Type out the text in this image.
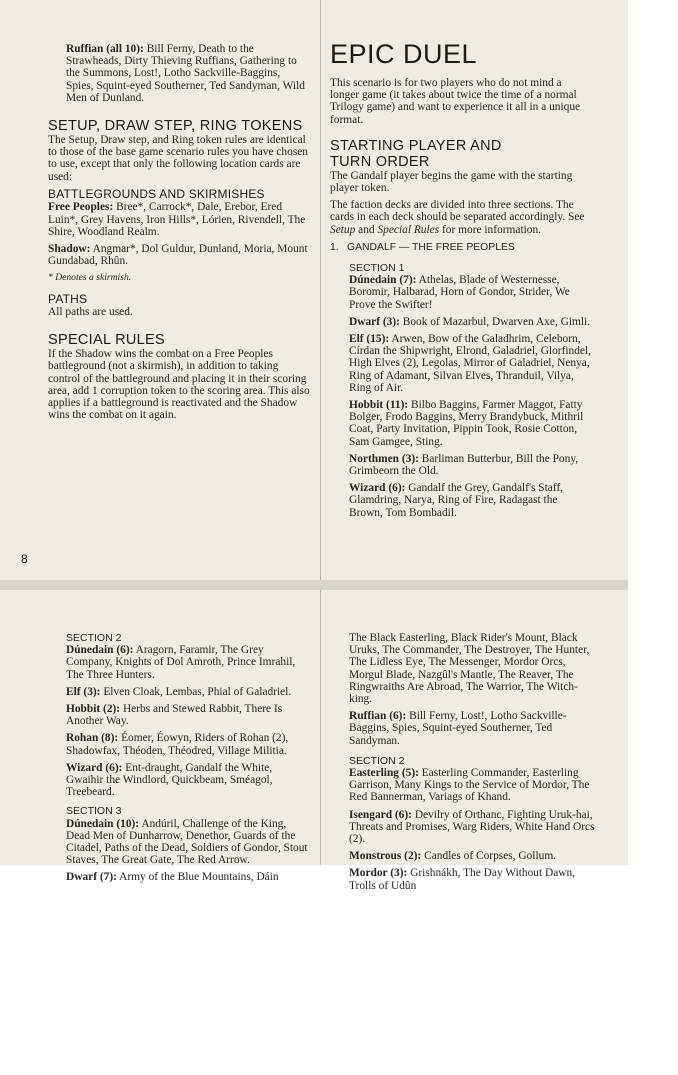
Ruffian (all 10): Bill Ferny, Death to the Strawheads, Dirty Thieving Ruffians, Gathering to the Summons, Lost!, Lotho Sackville-Baggins, Spies, Squint-eyed Southerner, Ted Sandyman, Wild Men of Dunland.

SETUP, DRAW STEP, RING TOKENS

The Setup, Draw step, and Ring token rules are identical to those of the base game scenario rules you have chosen to use, except that only the following location cards are used:

BATTLEGROUNDS AND SKIRMISHES

Free Peoples: Bree*, Carrock*, Dale, Erebor, Ered Luin*, Grey Havens, Iron Hills*, Lórien, Rivendell, The Shire, Woodland Realm.

Shadow: Angmar*, Dol Guldur, Dunland, Moria, Mount Gundabad, Rhûn.

* Denotes a skirmish.

PATHS

All paths are used.

SPECIAL RULES

If the Shadow wins the combat on a Free Peoples battleground (not a skirmish), in addition to taking control of the battleground and placing it in their scoring area, add 1 corruption token to the scoring area. This also applies if a battleground is reactivated and the Shadow wins the combat on it again.

8
EPIC DUEL

This scenario is for two players who do not mind a longer game (it takes about twice the time of a normal Trilogy game) and want to experience it all in a unique format.

STARTING PLAYER AND
TURN ORDER

The Gandalf player begins the game with the starting player token.

The faction decks are divided into three sections. The cards in each deck should be separated accordingly. See Setup and Special Rules for more information.

1. GANDALF — THE FREE PEOPLES
SECTION 1

Dúnedain (7): Athelas, Blade of Westernesse, Boromir, Halbarad, Horn of Gondor, Strider, We Prove the Swifter!

Dwarf (3): Book of Mazarbul, Dwarven Axe, Gimli.

Elf (15): Arwen, Bow of the Galadhrim, Celeborn, Círdan the Shipwright, Elrond, Galadriel, Glorfindel, High Elves (2), Legolas, Mirror of Galadriel, Nenya, Ring of Adamant, Silvan Elves, Thranduil, Vilya, Ring of Air.

Hobbit (11): Bilbo Baggins, Farmer Maggot, Fatty Bolger, Frodo Baggins, Merry Brandybuck, Mithril Coat, Party Invitation, Pippin Took, Rosie Cotton, Sam Gamgee, Sting.

Northmen (3): Barliman Butterbur, Bill the Pony, Grimbeorn the Old.

Wizard (6): Gandalf the Grey, Gandalf's Staff, Glamdring, Narya, Ring of Fire, Radagast the Brown, Tom Bombadil.

SECTION 2

Dúnedain (6): Aragorn, Faramir, The Grey Company, Knights of Dol Amroth, Prince Imrahil, The Three Hunters.

Elf (3): Elven Cloak, Lembas, Phial of Galadriel.

Hobbit (2): Herbs and Stewed Rabbit, There Is Another Way.

Rohan (8): Éomer, Éowyn, Riders of Rohan (2), Shadowfax, Théoden, Théodred, Village Militia.

Wizard (6): Ent-draught, Gandalf the White, Gwaihir the Windlord, Quickbeam, Sméagol, Treebeard.

SECTION 3

Dúnedain (10): Andúril, Challenge of the King, Dead Men of Dunharrow, Denethor, Guards of the Citadel, Paths of the Dead, Soldiers of Gondor, Stout Staves, The Great Gate, The Red Arrow.

Dwarf (7): Army of the Blue Mountains, Dáin

The Black Easterling, Black Rider's Mount, Black Uruks, The Commander, The Destroyer, The Hunter, The Lidless Eye, The Messenger, Mordor Orcs, Morgul Blade, Nazgûl's Mantle, The Reaver, The Ringwraiths Are Abroad, The Warrior, The Witch-king.

Ruffian (6): Bill Ferny, Lost!, Lotho Sackville-Baggins, Spies, Squint-eyed Southerner, Ted Sandyman.

SECTION 2

Easterling (5): Easterling Commander, Easterling Garrison, Many Kings to the Service of Mordor, The Red Bannerman, Variags of Khand.

Isengard (6): Devilry of Orthanc, Fighting Uruk-hai, Threats and Promises, Warg Riders, White Hand Orcs (2).

Monstrous (2): Candles of Corpses, Gollum.

Mordor (3): Grishnákh, The Day Without Dawn, Trolls of Udûn
